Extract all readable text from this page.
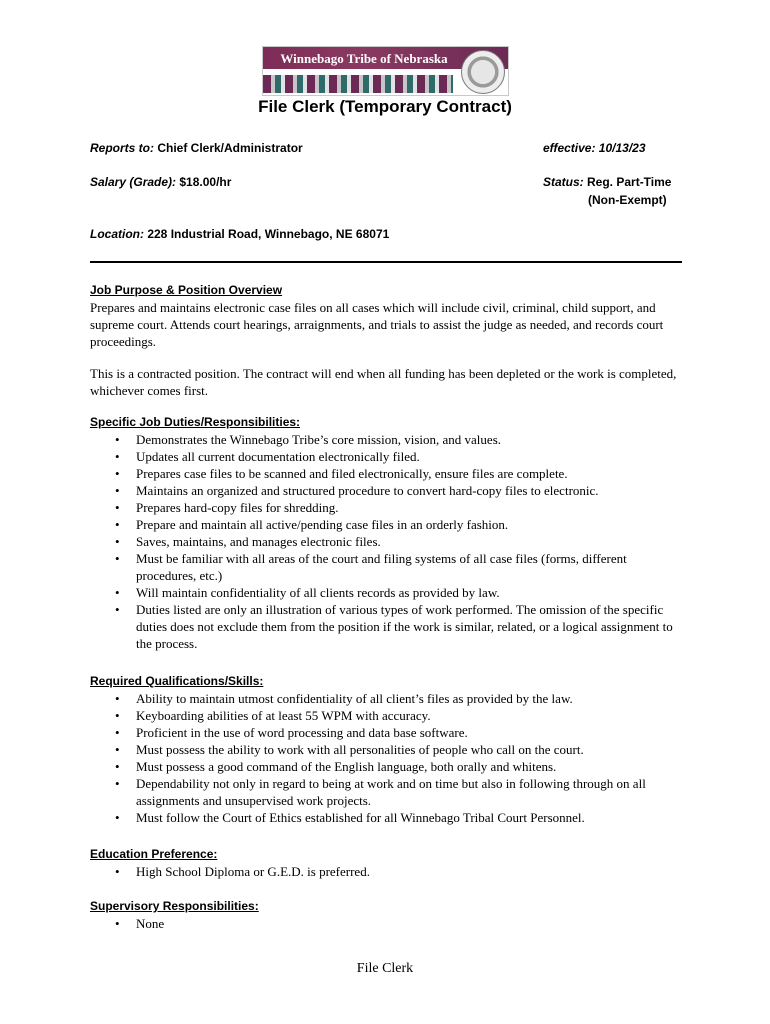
Winnebago Tribe of Nebraska
File Clerk (Temporary Contract)
Reports to: Chief Clerk/Administrator	effective: 10/13/23
Salary (Grade): $18.00/hr	Status: Reg. Part-Time
(Non-Exempt)
Location: 228 Industrial Road, Winnebago, NE 68071
Job Purpose & Position Overview
Prepares and maintains electronic case files on all cases which will include civil, criminal, child support, and supreme court. Attends court hearings, arraignments, and trials to assist the judge as needed, and records court proceedings.
This is a contracted position. The contract will end when all funding has been depleted or the work is completed, whichever comes first.
Specific Job Duties/Responsibilities:
• Demonstrates the Winnebago Tribe’s core mission, vision, and values.
• Updates all current documentation electronically filed.
• Prepares case files to be scanned and filed electronically, ensure files are complete.
• Maintains an organized and structured procedure to convert hard-copy files to electronic.
• Prepares hard-copy files for shredding.
• Prepare and maintain all active/pending case files in an orderly fashion.
• Saves, maintains, and manages electronic files.
• Must be familiar with all areas of the court and filing systems of all case files (forms, different procedures, etc.)
• Will maintain confidentiality of all clients records as provided by law.
• Duties listed are only an illustration of various types of work performed. The omission of the specific duties does not exclude them from the position if the work is similar, related, or a logical assignment to the process.
Required Qualifications/Skills:
• Ability to maintain utmost confidentiality of all client’s files as provided by the law.
• Keyboarding abilities of at least 55 WPM with accuracy.
• Proficient in the use of word processing and data base software.
• Must possess the ability to work with all personalities of people who call on the court.
• Must possess a good command of the English language, both orally and whitens.
• Dependability not only in regard to being at work and on time but also in following through on all assignments and unsupervised work projects.
• Must follow the Court of Ethics established for all Winnebago Tribal Court Personnel.
Education Preference:
• High School Diploma or G.E.D. is preferred.
Supervisory Responsibilities:
• None
File Clerk
